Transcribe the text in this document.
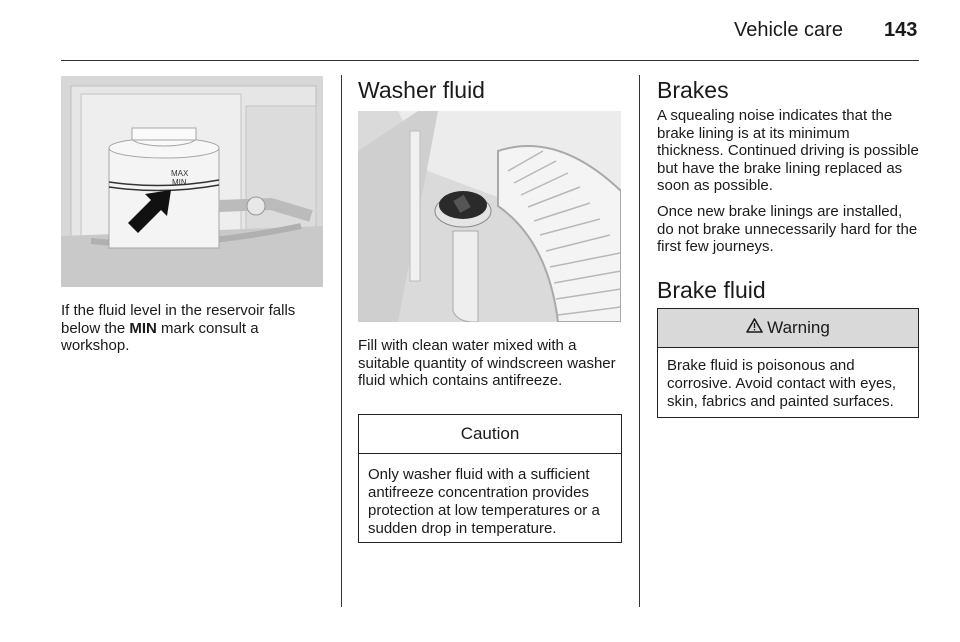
Vehicle care 143
MAX
MIN

If the fluid level in the reservoir falls below the MIN mark consult a workshop.

Washer fluid

Fill with clean water mixed with a suitable quantity of windscreen washer fluid which contains antifreeze.

Caution
Only washer fluid with a sufficient antifreeze concentration provides protection at low temperatures or a sudden drop in temperature.
Brakes

A squealing noise indicates that the brake lining is at its minimum thickness. Continued driving is possible but have the brake lining replaced as soon as possible.

Once new brake linings are installed, do not brake unnecessarily hard for the first few journeys.

Brake fluid
Warning
Brake fluid is poisonous and corrosive. Avoid contact with eyes, skin, fabrics and painted surfaces.
